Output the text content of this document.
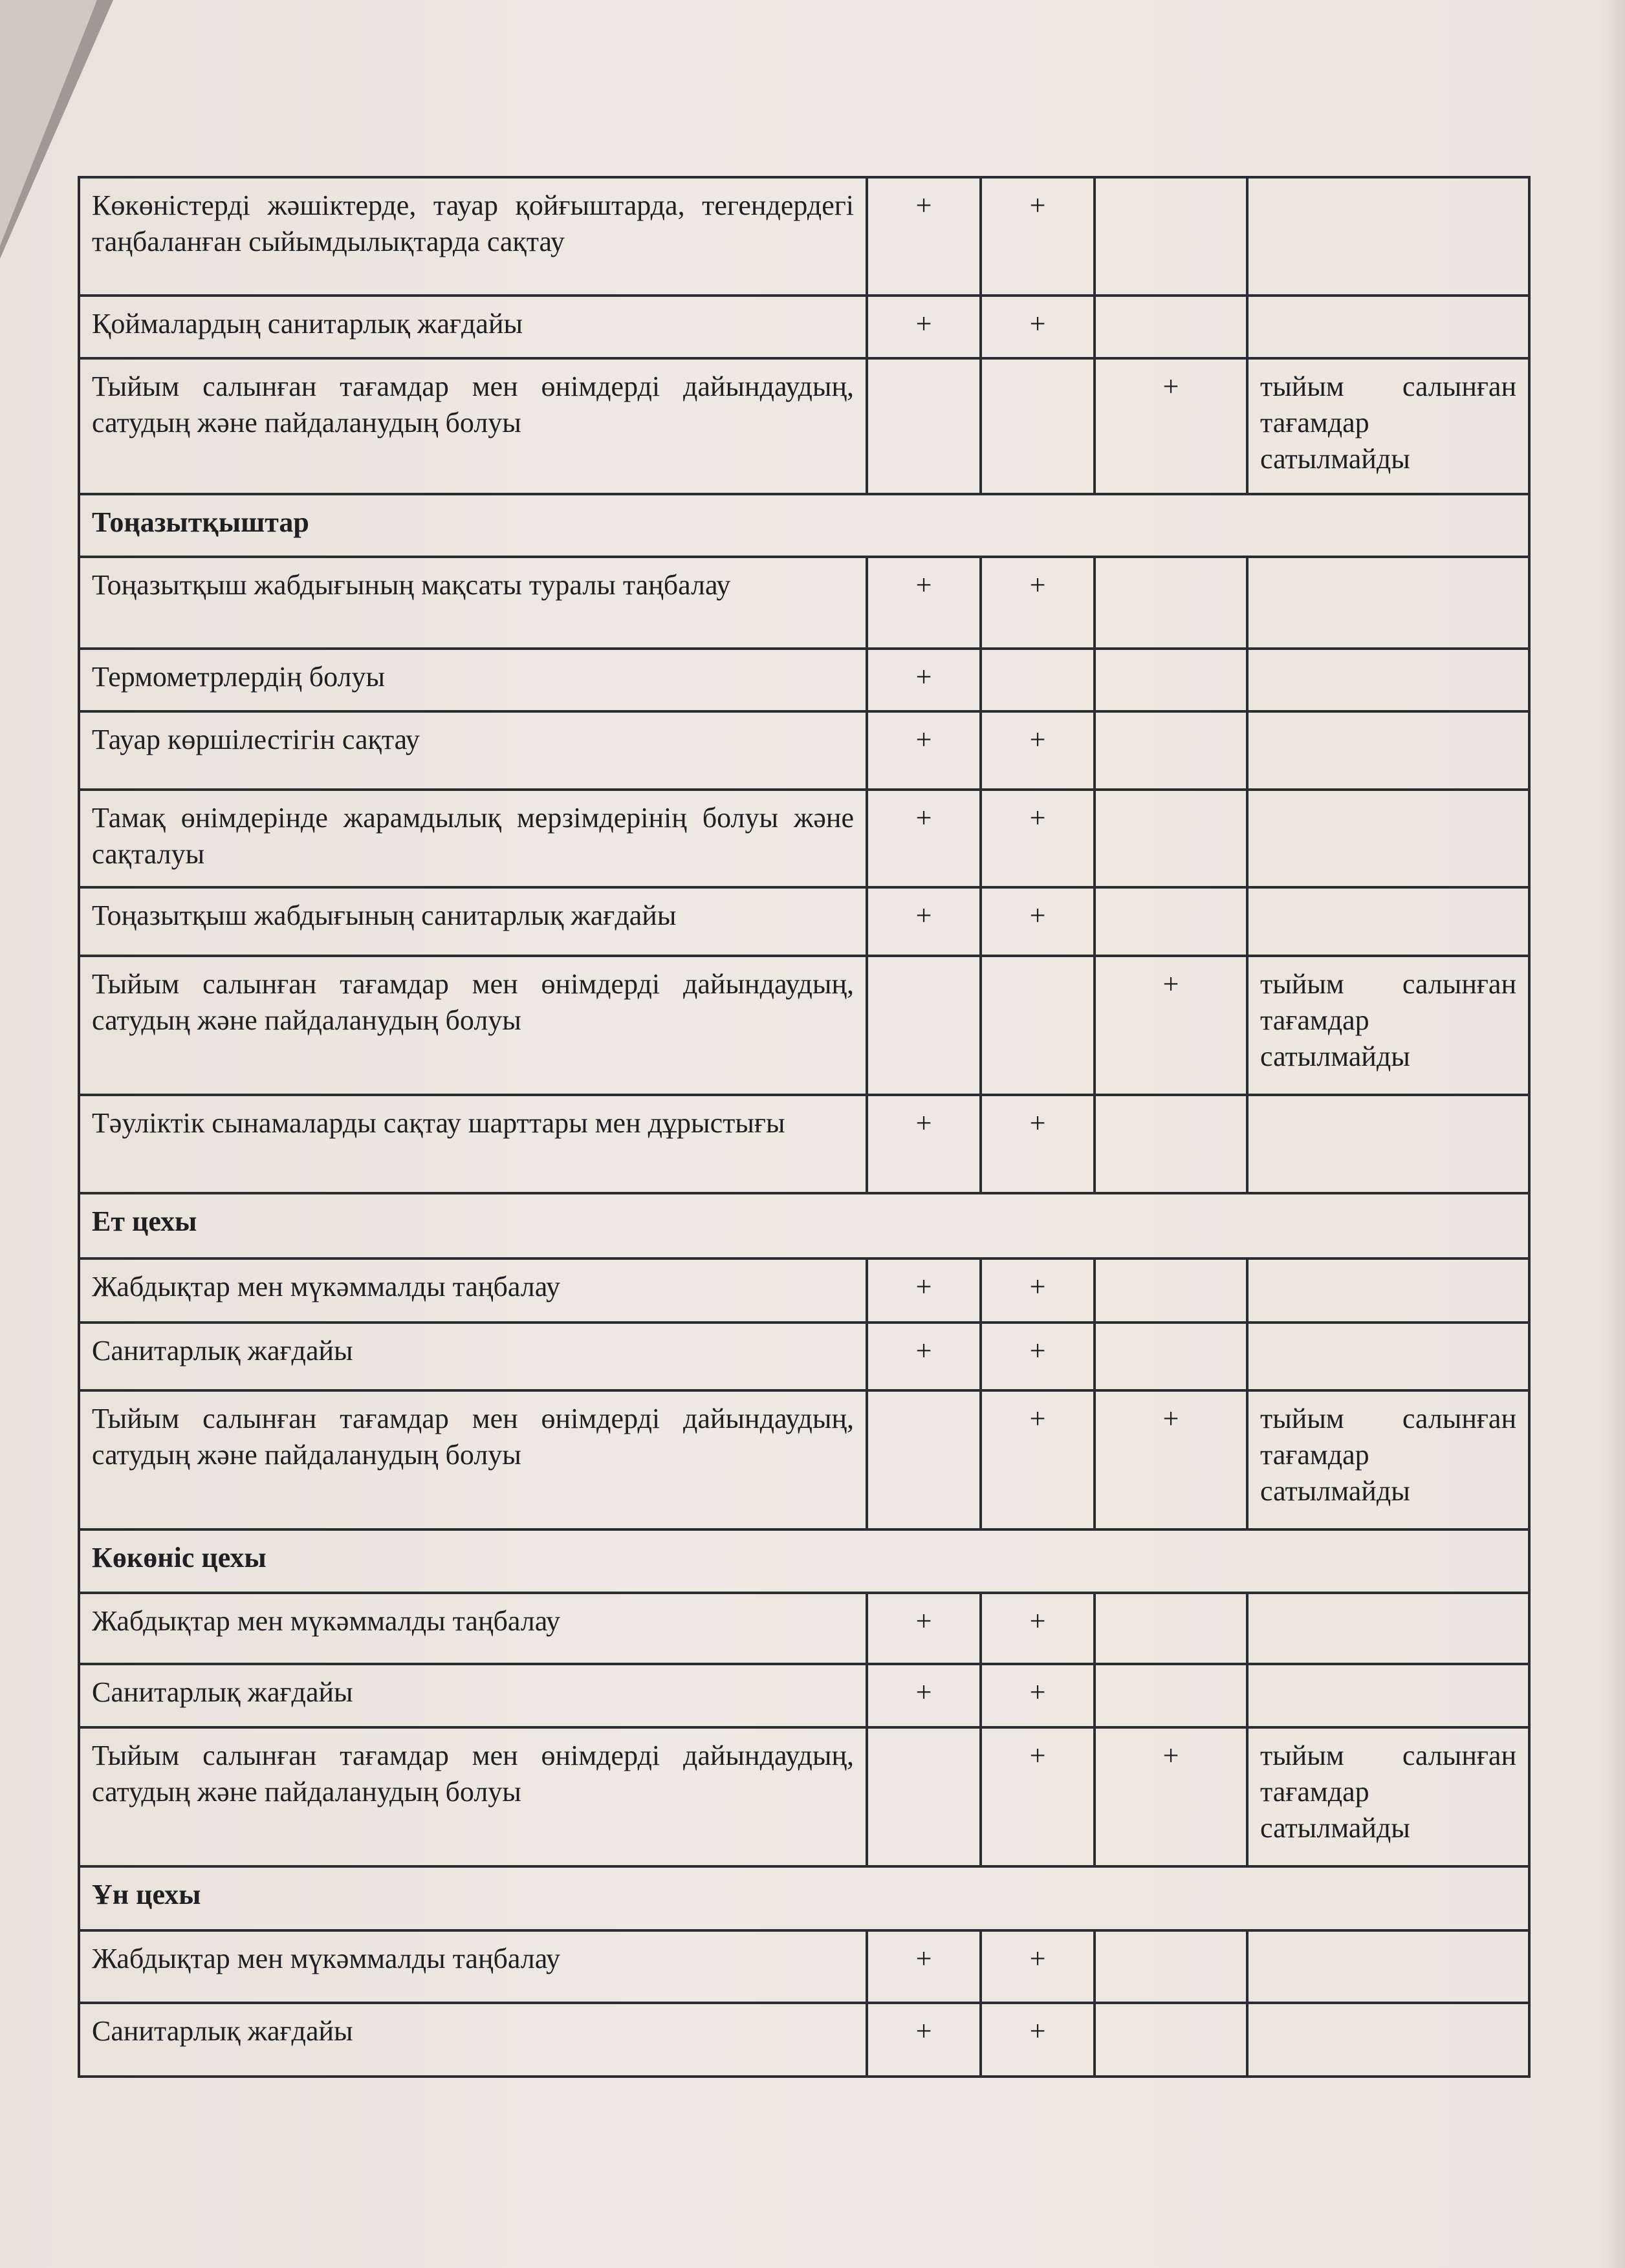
Көкөністерді жәшіктерде, тауар қойғыштарда, тегендердегі таңбаланған сыйымдылықтарда сақтау	+	+		
Қоймалардың санитарлық жағдайы	+	+		
Тыйым салынған тағамдар мен өнімдерді дайындаудың, сатудың және пайдаланудың болуы			+	тыйым салынған тағамдар сатылмайды
Тоңазытқыштар				
Тоңазытқыш жабдығының мақсаты туралы таңбалау	+	+		
Термометрлердің болуы	+			
Тауар көршілестігін сақтау	+	+		
Тамақ өнімдерінде жарамдылық мерзімдерінің болуы және сақталуы	+	+		
Тоңазытқыш жабдығының санитарлық жағдайы	+	+		
Тыйым салынған тағамдар мен өнімдерді дайындаудың, сатудың және пайдаланудың болуы			+	тыйым салынған тағамдар сатылмайды
Тәуліктік сынамаларды сақтау шарттары мен дұрыстығы	+	+		
Ет цехы				
Жабдықтар мен мүкәммалды таңбалау	+	+		
Санитарлық жағдайы	+	+		
Тыйым салынған тағамдар мен өнімдерді дайындаудың, сатудың және пайдаланудың болуы		+	+	тыйым салынған тағамдар сатылмайды
Көкөніс цехы				
Жабдықтар мен мүкәммалды таңбалау	+	+		
Санитарлық жағдайы	+	+		
Тыйым салынған тағамдар мен өнімдерді дайындаудың, сатудың және пайдаланудың болуы		+	+	тыйым салынған тағамдар сатылмайды
Ұн цехы				
Жабдықтар мен мүкәммалды таңбалау	+	+		
Санитарлық жағдайы	+	+		
